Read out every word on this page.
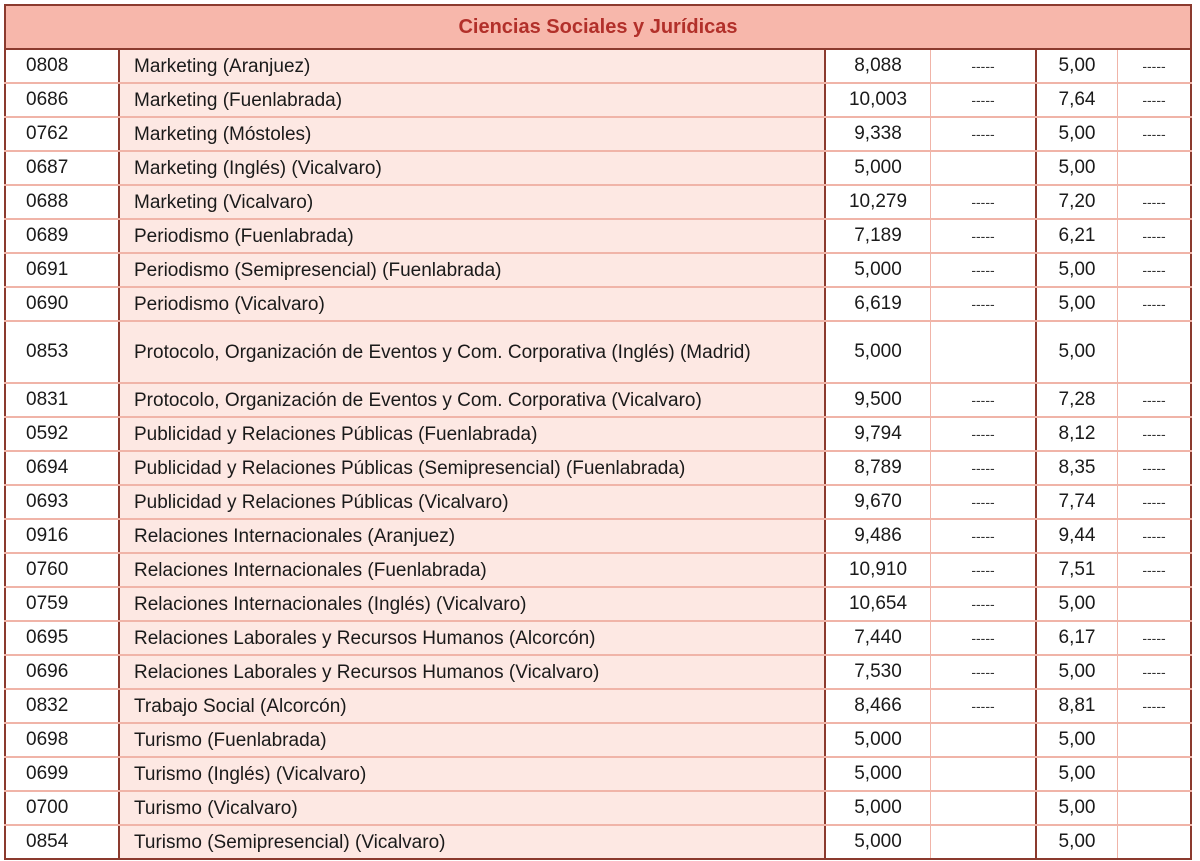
Ciencias Sociales y Jurídicas
0808	Marketing (Aranjuez)	8,088	-----	5,00	-----
0686	Marketing (Fuenlabrada)	10,003	-----	7,64	-----
0762	Marketing (Móstoles)	9,338	-----	5,00	-----
0687	Marketing (Inglés) (Vicalvaro)	5,000		5,00	
0688	Marketing (Vicalvaro)	10,279	-----	7,20	-----
0689	Periodismo (Fuenlabrada)	7,189	-----	6,21	-----
0691	Periodismo (Semipresencial) (Fuenlabrada)	5,000	-----	5,00	-----
0690	Periodismo (Vicalvaro)	6,619	-----	5,00	-----
0853	Protocolo, Organización de Eventos y Com. Corporativa (Inglés) (Madrid)	5,000		5,00	
0831	Protocolo, Organización de Eventos y Com. Corporativa (Vicalvaro)	9,500	-----	7,28	-----
0592	Publicidad y Relaciones Públicas (Fuenlabrada)	9,794	-----	8,12	-----
0694	Publicidad y Relaciones Públicas (Semipresencial) (Fuenlabrada)	8,789	-----	8,35	-----
0693	Publicidad y Relaciones Públicas (Vicalvaro)	9,670	-----	7,74	-----
0916	Relaciones Internacionales (Aranjuez)	9,486	-----	9,44	-----
0760	Relaciones Internacionales (Fuenlabrada)	10,910	-----	7,51	-----
0759	Relaciones Internacionales (Inglés) (Vicalvaro)	10,654	-----	5,00	
0695	Relaciones Laborales y Recursos Humanos (Alcorcón)	7,440	-----	6,17	-----
0696	Relaciones Laborales y Recursos Humanos (Vicalvaro)	7,530	-----	5,00	-----
0832	Trabajo Social (Alcorcón)	8,466	-----	8,81	-----
0698	Turismo (Fuenlabrada)	5,000		5,00	
0699	Turismo (Inglés) (Vicalvaro)	5,000		5,00	
0700	Turismo (Vicalvaro)	5,000		5,00	
0854	Turismo (Semipresencial) (Vicalvaro)	5,000		5,00	
